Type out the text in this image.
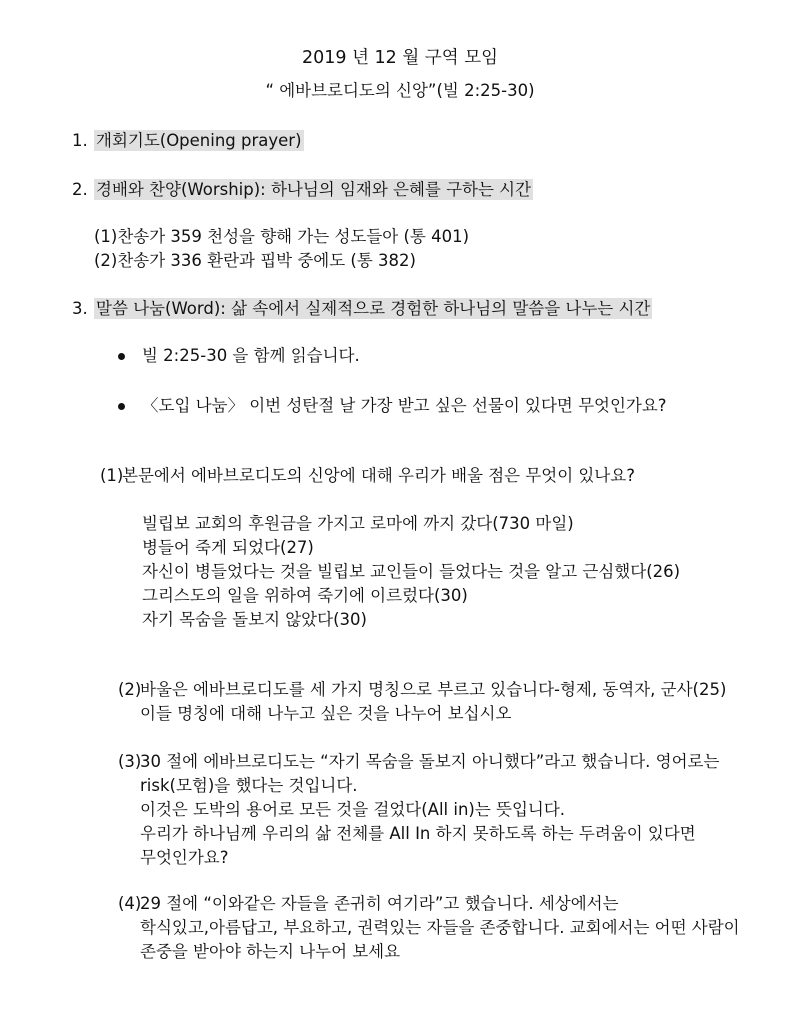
2019 년 12 월 구역 모임
“ 에바브로디도의 신앙”(빌 2:25-30)
1. 개회기도(Opening prayer)
2. 경배와 찬양(Worship): 하나님의 임재와 은혜를 구하는 시간
(1)찬송가 359 천성을 향해 가는 성도들아 (통 401)
(2)찬송가 336 환란과 핍박 중에도 (통 382)
3. 말씀 나눔(Word): 삶 속에서 실제적으로 경험한 하나님의 말씀을 나누는 시간
빌 2:25-30 을 함께 읽습니다.
〈도입 나눔〉 이번 성탄절 날 가장 받고 싶은 선물이 있다면 무엇인가요?
(1)
본문에서 에바브로디도의 신앙에 대해 우리가 배울 점은 무엇이 있나요?
빌립보 교회의 후원금을 가지고 로마에 까지 갔다(730 마일)
병들어 죽게 되었다(27)
자신이 병들었다는 것을 빌립보 교인들이 들었다는 것을 알고 근심했다(26)
그리스도의 일을 위하여 죽기에 이르렀다(30)
자기 목숨을 돌보지 않았다(30)
(2)
바울은 에바브로디도를 세 가지 명칭으로 부르고 있습니다-형제, 동역자, 군사(25)
이들 명칭에 대해 나누고 싶은 것을 나누어 보십시오
(3)
30 절에 에바브로디도는 “자기 목숨을 돌보지 아니했다”라고 했습니다. 영어로는
risk(모험)을 했다는 것입니다.
이것은 도박의 용어로 모든 것을 걸었다(All in)는 뜻입니다.
우리가 하나님께 우리의 삶 전체를 All In 하지 못하도록 하는 두려움이 있다면
무엇인가요?
(4)
29 절에 “이와같은 자들을 존귀히 여기라”고 했습니다. 세상에서는
학식있고,아름답고, 부요하고, 권력있는 자들을 존중합니다. 교회에서는 어떤 사람이
존중을 받아야 하는지 나누어 보세요
